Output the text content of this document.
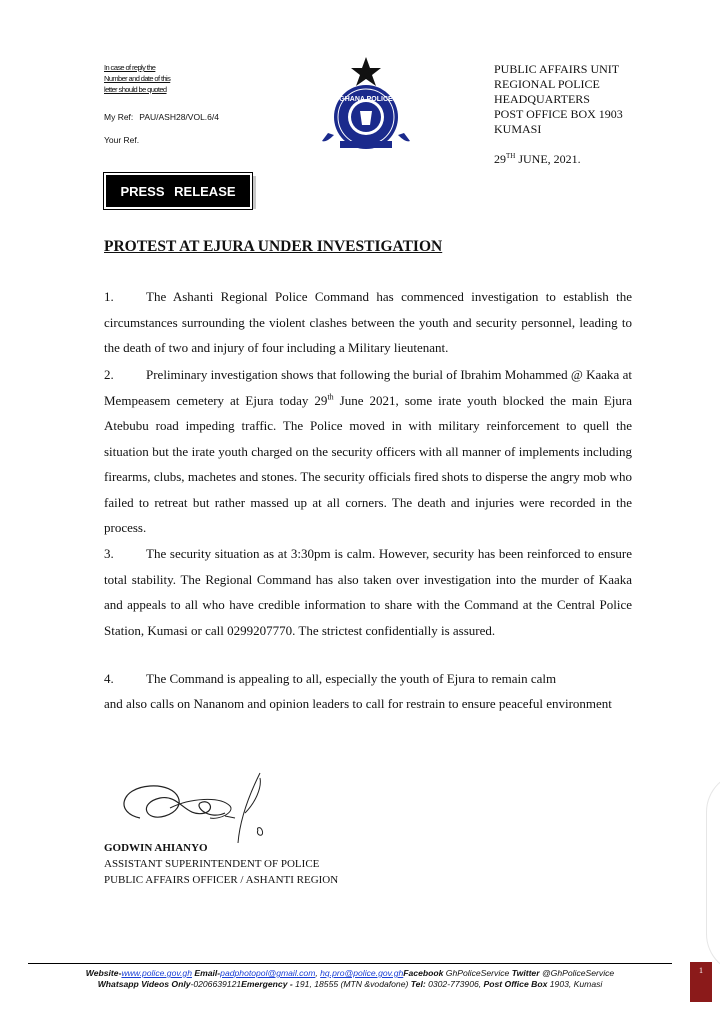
In case of reply the
Number and date of this
letter should be quoted
My Ref: PAU/ASH28/VOL.6/4
Your Ref.
GHANA POLICE
PUBLIC AFFAIRS UNIT
REGIONAL POLICE
HEADQUARTERS
POST OFFICE BOX 1903
KUMASI
29TH JUNE, 2021.
PRESS RELEASE
PROTEST AT EJURA UNDER INVESTIGATION
1. The Ashanti Regional Police Command has commenced investigation to establish the circumstances surrounding the violent clashes between the youth and security personnel, leading to the death of two and injury of four including a Military lieutenant.
2. Preliminary investigation shows that following the burial of Ibrahim Mohammed @ Kaaka at Mempeasem cemetery at Ejura today 29th June 2021, some irate youth blocked the main Ejura Atebubu road impeding traffic. The Police moved in with military reinforcement to quell the situation but the irate youth charged on the security officers with all manner of implements including firearms, clubs, machetes and stones. The security officials fired shots to disperse the angry mob who failed to retreat but rather massed up at all corners. The death and injuries were recorded in the process.
3. The security situation as at 3:30pm is calm. However, security has been reinforced to ensure total stability. The Regional Command has also taken over investigation into the murder of Kaaka and appeals to all who have credible information to share with the Command at the Central Police Station, Kumasi or call 0299207770. The strictest confidentially is assured.
4. The Command is appealing to all, especially the youth of Ejura to remain calm
and also calls on Nananom and opinion leaders to call for restrain to ensure peaceful environment
GODWIN AHIANYO
ASSISTANT SUPERINTENDENT OF POLICE
PUBLIC AFFAIRS OFFICER / ASHANTI REGION
Website-www.police.gov.gh Email-padphotopol@gmail.com, hq.pro@police.gov.ghFacebook GhPoliceService Twitter @GhPoliceService
Whatsapp Videos Only-0206639121Emergency - 191, 18555 (MTN &vodafone) Tel: 0302-773906, Post Office Box 1903, Kumasi
1
